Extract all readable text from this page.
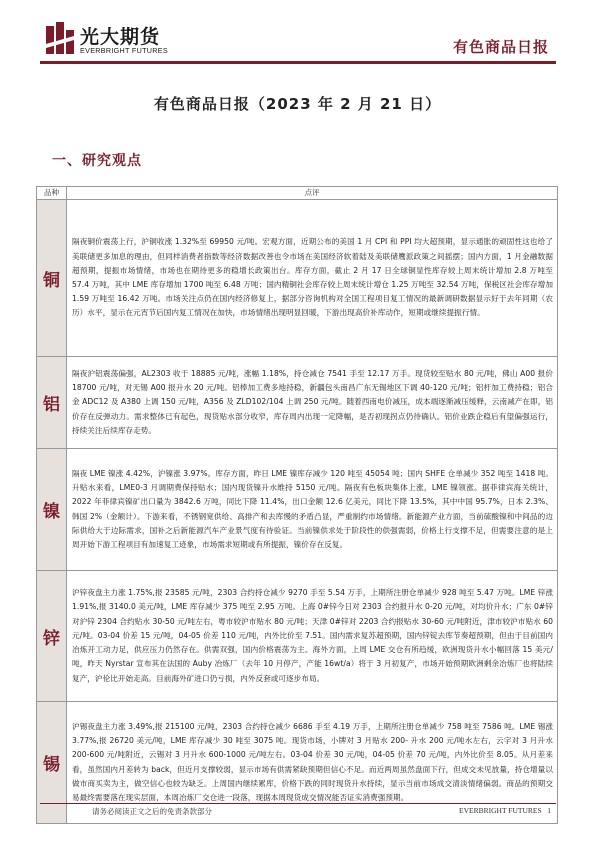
光大期货
EVERBRIGHT FUTURES	有色商品日报
有色商品日报（2023 年 2 月 21 日）
一、研究观点
品种	点评
铜	隔夜铜价震荡上行，沪铜收涨 1.32%至 69950 元/吨。宏观方面，近期公布的美国 1 月 CPI 和 PPI 均大超预期，显示通胀的顽固性这也给了美联储更多加息的理由，但同样消费者指数等经济数据改善也令市场在美国经济软着陆及美联储鹰派政策之间摇摆；国内方面，1 月金融数据超预期，提振市场情绪，市场也在期待更多的稳增长政策出台。库存方面，截止 2 月 17 日全球铜显性库存较上周末统计增加 2.8 万吨至 57.4 万吨，其中 LME 库存增加 1700 吨至 6.48 万吨；国内精铜社会库存较上周末统计增仓 1.25 万吨至 32.54 万吨，保税区社会库存增加 1.59 万吨至 16.42 万吨。市场关注点仍在国内经济修复上，据部分咨询机构对全国工程项目复工情况的最新调研数据显示好于去年同期（农历）水平，显示在元宵节后国内复工情况在加快，市场情绪出现明显回暖，下游出现高价补库动作，短期或继续提振行情。
铝	隔夜沪铝震荡偏强，AL2303 收于 18885 元/吨，涨幅 1.18%，持仓减仓 7541 手至 12.17 万手。现货较至贴水 80 元/吨，佛山 A00 报价 18700 元/吨，对无锡 A00 报升水 20 元/吨。铝棒加工费多地持稳，新疆包头南昌广东无锡地区下调 40-120 元/吨；铝杆加工费持稳；铝合金 ADC12 及 A380 上调 150 元/吨，A356 及 ZLD102/104 上调 250 元/吨。随着西南电价减压，成本端逐渐减压缓释，云南减产在即，铝价存在反弹动力。需求整体已有起色，现货贴水部分收窄，库存周内出现一定降幅，是否初现拐点仍待确认。铝价业跌企稳后有望偏强运行，持续关注后续库存走势。
镍	隔夜 LME 镍涨 4.42%，沪镍涨 3.97%。库存方面，昨日 LME 镍库存减少 120 吨至 45054 吨；国内 SHFE 仓单减少 352 吨至 1418 吨。升贴水来看，LME0-3 月调期费保持贴水；国内现货镍升水维持 5150 元/吨。隔夜有色板块集体上涨，LME 镍领涨。据菲律宾海关统计，2022 年菲律宾镍矿出口量为 3842.6 万吨，同比下降 11.4%，出口金额 12.6 亿美元，同比下降 13.5%，其中中国 95.7%，日本 2.3%、韩国 2%（金额计）。下游来看，不锈钢宽供给、高排产和去库慢的矛盾凸显，严重制约市场情绪。新能源产业方面，当前硫酸镍和中间品的边际供给大于边际需求，国补之后新能源汽车产业景气度有待验证。当前镍供求处于阶段性的供强需弱，价格上行支撑不足，但需要注意的是上周开始下游工程项目有加速复工迹象，市场需求短期或有所提振，镍价存在反复。
锌	沪锌夜盘主力涨 1.75%,报 23585 元/吨，2303 合约持仓减少 9270 手至 5.54 万手，上期所注册仓单减少 928 吨至 5.47 万吨。LME 锌涨 1.91%,报 3140.0 美元/吨，LME 库存减少 375 吨至 2.95 万吨。上海 0#锌今日对 2303 合约报升水 0-20 元/吨，对均价升水；广东 0#锌对沪锌 2304 合约贴水 30-50 元/吨左右，粤市较沪市贴水 80 元/吨；天津 0#锌对 2203 合约报贴水 30-60 元/吨附近，津市较沪市贴水 60 元/吨。03-04 价差 15 元/吨，04-05 价差 110 元/吨，内外比价至 7.51。国内需求复苏超预期，国内锌锭去库节奏超预期，但由于目前国内冶炼开工动力足，供应压力仍然存在。供需双强，国内价格震荡为主。海外方面，上周 LME 交仓有所趋缓，欧洲现货升水小幅回落 15 美元/吨，昨天 Nyrstar 宣布其在法国的 Auby 冶炼厂（去年 10 月停产，产能 16wt/a）将于 3 月初复产，市场开始预期欧洲剩余冶炼厂也将陆续复产，沪伦比开始走高。目前海外矿进口仍亏损，内外反套或可逐步布局。
锡	沪锡夜盘主力涨 3.49%,报 215100 元/吨，2303 合约持仓减少 6686 手至 4.19 万手，上期所注册仓单减少 758 吨至 7586 吨。LME 锡涨 3.77%,报 26720 美元/吨，LME 库存减少 30 吨至 3075 吨。现货市场，小牌对 3 月贴水 200- 升水 200 元/吨水左右，云字对 3 月升水 200-600 元/吨附近，云锡对 3 月升水 600-1000 元/吨左右。03-04 价差 30 元/吨，04-05 价差 70 元/吨，内外比价至 8.05。从月差来看，虽然国内月差转为 back，但近月支撑较弱，显示市场有供需紧缺预期但信心不足。而近两周虽然盘面下行，但成交未见放量，持仓增量以做市商买卖为主，做空信心也较为缺乏。上周国内继续累库，价格下跌的同时现货升水持续，显示当前市场成交清淡情绪偏弱。商品的预期交易最终需要落在现实层面，本周冶炼厂交仓进一段落，现据本周现货成交情况能否证实消费强预期。
请务必阅读正文之后的免责条款部分	EVERBRIGHT FUTURES 1
